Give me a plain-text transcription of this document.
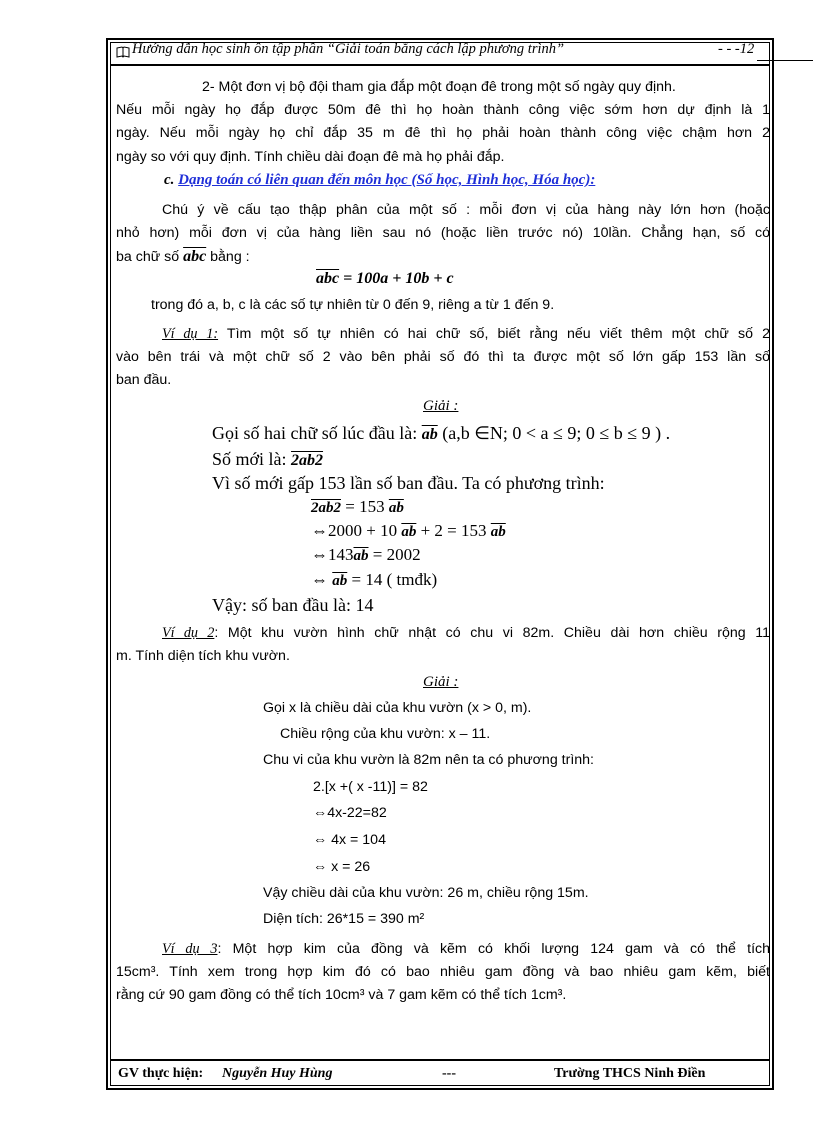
Hướng dẫn học sinh ôn tập phần “Giải toán bằng cách lập phương trình”	- - -12
2- Một đơn vị bộ đội tham gia đắp một đoạn đê trong một số ngày quy định.
Nếu mỗi ngày họ đắp được 50m đê thì họ hoàn thành công việc sớm hơn dự định là 1
ngày. Nếu mỗi ngày họ chỉ đắp 35 m đê thì họ phải hoàn thành công việc chậm hơn 2
ngày so với quy định. Tính chiều dài đoạn đê mà họ phải đắp.
c. Dạng toán có liên quan đến môn học (Số học, Hình học, Hóa học):
Chú ý về cấu tạo thập phân của một số : mỗi đơn vị của hàng này lớn hơn (hoặc
nhỏ hơn) mỗi đơn vị của hàng liền sau nó (hoặc liền trước nó) 10lần. Chẳng hạn, số có
ba chữ số $\overline{abc}$ bằng :
$\overline{abc} = 100a + 10b + c$
trong đó a, b, c là các số tự nhiên từ 0 đến 9, riêng a từ 1 đến 9.
Ví dụ 1: Tìm một số tự nhiên có hai chữ số, biết rằng nếu viết thêm một chữ số 2
vào bên trái và một chữ số 2 vào bên phải số đó thì ta được một số lớn gấp 153 lần số
ban đầu.
Giải :
Gọi số hai chữ số lúc đầu là: $\overline{ab}$ (a,b ∈N; 0 < a ≤ 9; 0 ≤ b ≤ 9 ) .
Số mới là: 2ab2
Vì số mới gấp 153 lần số ban đầu. Ta có phương trình:
2ab2 = 153 $\overline{ab}$
⇔2000 + 10 $\overline{ab} + 2 = 153$ $\overline{ab}$
$\Leftrightarrow 143\overline{ab} = 2002$
⇔ $\overline{ab} = 14$ ( tmđk)
Vậy: số ban đầu là: 14
Ví dụ 2: Một khu vườn hình chữ nhật có chu vi 82m. Chiều dài hơn chiều rộng 11
m. Tính diện tích khu vườn.
Giải :
Gọi x là chiều dài của khu vườn (x > 0, m).
Chiều rộng của khu vườn: x – 11.
Chu vi của khu vườn là 82m nên ta có phương trình:
2.[x +( x -11)] = 82
⇔4x-22=82
⇔ 4x = 104
⇔ x = 26
Vậy chiều dài của khu vườn: 26 m, chiều rộng 15m.
Diện tích: 26*15 = 390 m²
Ví dụ 3: Một hợp kim của đồng và kẽm có khối lượng 124 gam và có thể tích
15cm³. Tính xem trong hợp kim đó có bao nhiêu gam đồng và bao nhiêu gam kẽm, biết
rằng cứ 90 gam đồng có thể tích 10cm³ và 7 gam kẽm có thể tích 1cm³.
GV thực hiện: Nguyễn Huy Hùng	---	Trường THCS Ninh Điền
